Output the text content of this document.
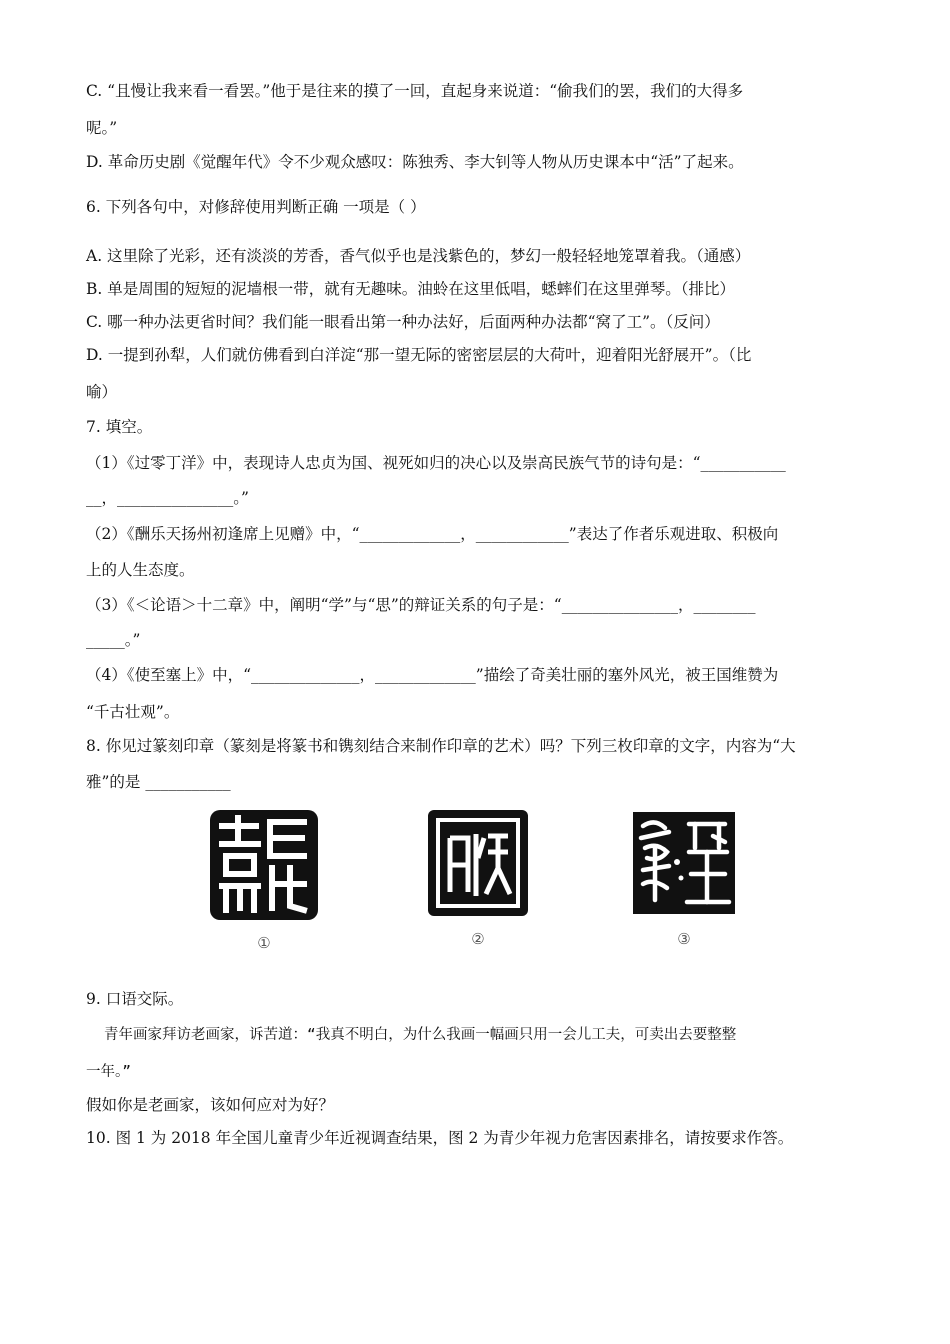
C. “且慢让我来看一看罢。”他于是往来的摸了一回，直起身来说道：“偷我们的罢，我们的大得多
呢。”
D. 革命历史剧《觉醒年代》令不少观众感叹：陈独秀、李大钊等人物从历史课本中“活”了起来。
6. 下列各句中，对修辞使用判断正确 一项是（ ）
A. 这里除了光彩，还有淡淡的芳香，香气似乎也是浅紫色的，梦幻一般轻轻地笼罩着我。（通感）
B. 单是周围的短短的泥墙根一带，就有无趣味。油蛉在这里低唱，蟋蟀们在这里弹琴。（排比）
C. 哪一种办法更省时间？我们能一眼看出第一种办法好，后面两种办法都“窝了工”。（反问）
D. 一提到孙犁，人们就仿佛看到白洋淀“那一望无际的密密层层的大荷叶，迎着阳光舒展开”。（比
喻）
7. 填空。
（1）《过零丁洋》中，表现诗人忠贞为国、视死如归的决心以及崇高民族气节的诗句是：“___________
__，_______________。”
（2）《酬乐天扬州初逢席上见赠》中，“_____________，____________”表达了作者乐观进取、积极向
上的人生态度。
（3）《＜论语＞十二章》中，阐明“学”与“思”的辩证关系的句子是：“_______________，________
_____。”
（4）《使至塞上》中，“______________，_____________”描绘了奇美壮丽的塞外风光，被王国维赞为
“千古壮观”。
8. 你见过篆刻印章（篆刻是将篆书和镌刻结合来制作印章的艺术）吗？下列三枚印章的文字，内容为“大
雅”的是 ___________
①	②	③
9. 口语交际。
青年画家拜访老画家，诉苦道：“我真不明白，为什么我画一幅画只用一会儿工夫，可卖出去要整整
一年。”
假如你是老画家，该如何应对为好？
10. 图 1 为 2018 年全国儿童青少年近视调查结果，图 2 为青少年视力危害因素排名，请按要求作答。
